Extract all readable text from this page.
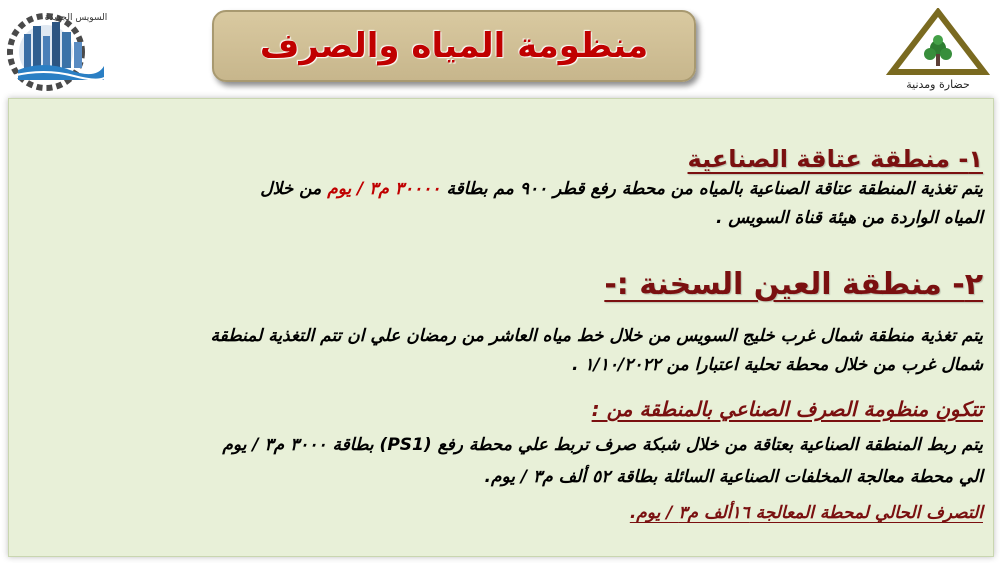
السويس الجديدة
منظومة المياه والصرف
حضارة ومدنية
١- منطقة عتاقة الصناعية
يتم تغذية المنطقة عتاقة الصناعية بالمياه من محطة رفع قطر ٩٠٠ مم بطاقة ٣٠٠٠٠ م٣ / يوم من خلال
المياه الواردة من هيئة قناة السويس .
٢- منطقة العين السخنة :-
يتم تغذية منطقة شمال غرب خليج السويس من خلال خط مياه العاشر من رمضان علي ان تتم التغذية لمنطقة
شمال غرب من خلال محطة تحلية اعتبارا من ١/١٠/٢٠٢٢ .
تتكون منظومة الصرف الصناعي بالمنطقة من :
يتم ربط المنطقة الصناعية بعتاقة من خلال شبكة صرف تربط علي محطة رفع (PS1) بطاقة ٣٠٠٠ م٣ / يوم
الي محطة معالجة المخلفات الصناعية السائلة بطاقة ٥٢ ألف م٣ / يوم.
التصرف الحالي لمحطة المعالجة ١٦ألف م٣ / يوم.
